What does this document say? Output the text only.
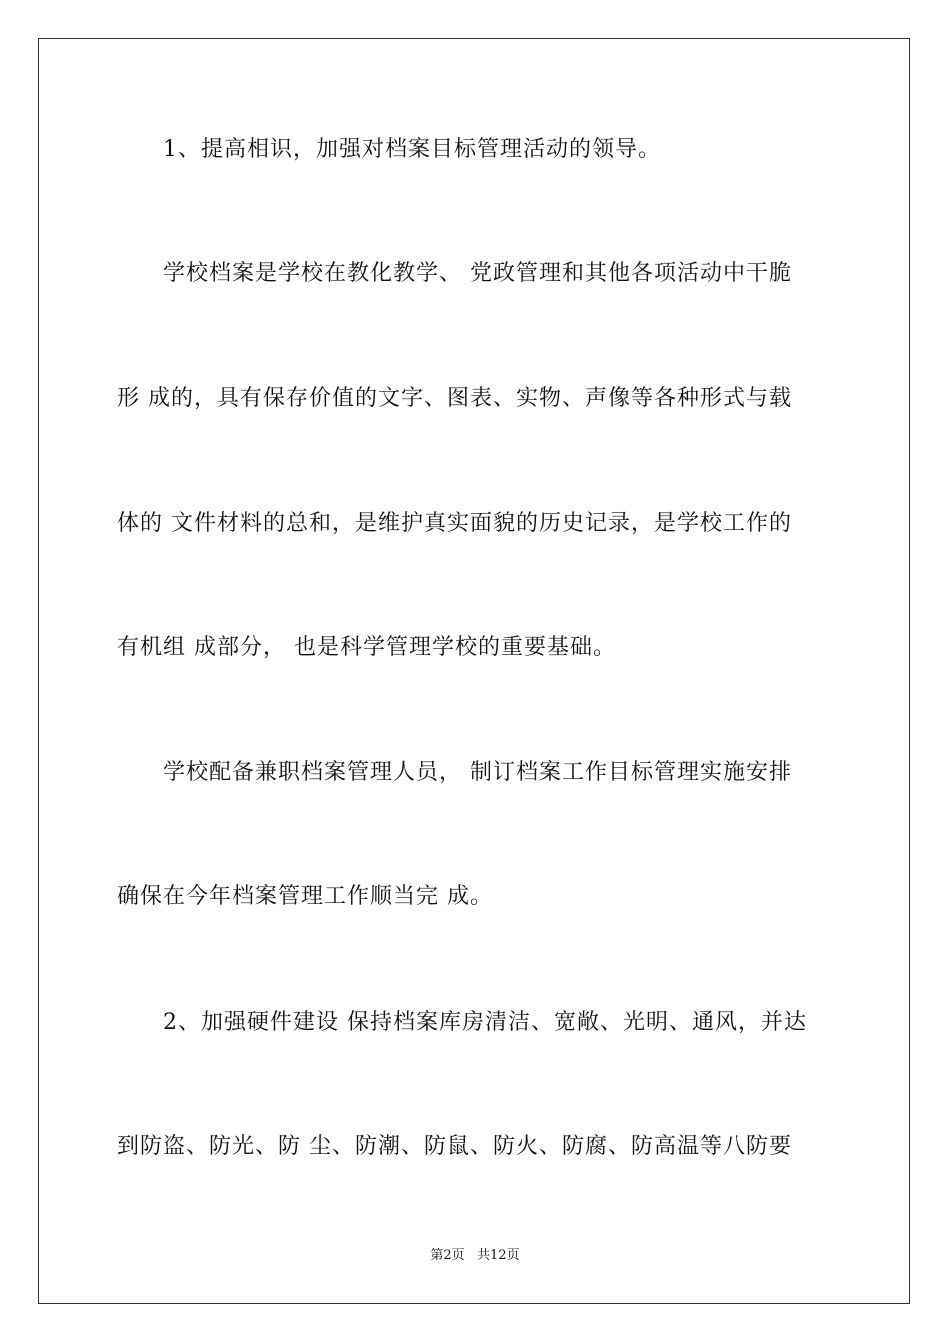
1、提高相识，加强对档案目标管理活动的领导。
学校档案是学校在教化教学、 党政管理和其他各项活动中干脆
形 成的，具有保存价值的文字、图表、实物、声像等各种形式与载
体的 文件材料的总和，是维护真实面貌的历史记录，是学校工作的
有机组 成部分， 也是科学管理学校的重要基础。
学校配备兼职档案管理人员， 制订档案工作目标管理实施安排
确保在今年档案管理工作顺当完 成。
2、加强硬件建设 保持档案库房清洁、宽敞、光明、通风，并达
到防盗、防光、防 尘、防潮、防鼠、防火、防腐、防高温等八防要
第2页   共12页
